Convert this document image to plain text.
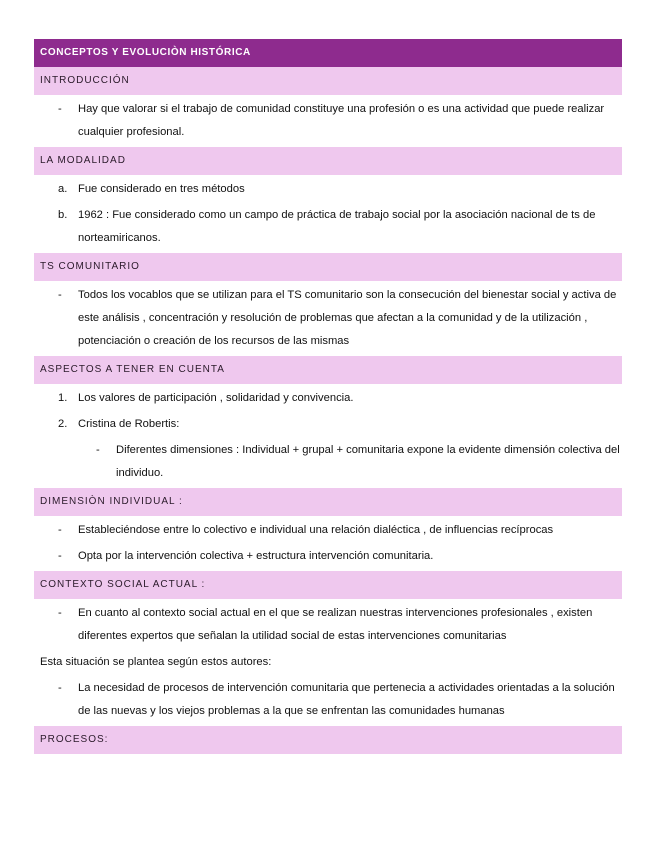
CONCEPTOS Y EVOLUCIÒN HISTÓRICA
INTRODUCCIÓN
- Hay que valorar si el trabajo de comunidad constituye una profesión o es una actividad que puede realizar cualquier profesional.
LA MODALIDAD
a. Fue considerado en tres métodos
b. 1962 : Fue considerado como un campo de práctica de trabajo social por la asociación nacional de ts de norteamiricanos.
TS COMUNITARIO
- Todos los vocablos que se utilizan para el TS comunitario son la consecución del bienestar social y activa de este análisis , concentración y resolución de problemas que afectan a la comunidad y de la utilización , potenciación o creación de los recursos de las mismas
ASPECTOS A TENER EN CUENTA
1. Los valores de participación , solidaridad y convivencia.
2. Cristina de Robertis:
- Diferentes dimensiones : Individual + grupal + comunitaria expone la evidente dimensión colectiva del individuo.
DIMENSIÒN INDIVIDUAL :
- Estableciéndose entre lo colectivo e individual una relación dialéctica , de influencias recíprocas
- Opta por la intervención colectiva + estructura intervención comunitaria.
CONTEXTO SOCIAL ACTUAL :
- En cuanto al contexto social actual en el que se realizan nuestras intervenciones profesionales , existen diferentes expertos que señalan la utilidad social de estas intervenciones comunitarias
Esta situación se plantea según estos autores:
- La necesidad de procesos de intervención comunitaria que pertenecia a actividades orientadas a la solución de las nuevas y los viejos problemas a la que se enfrentan las comunidades humanas
PROCESOS:
